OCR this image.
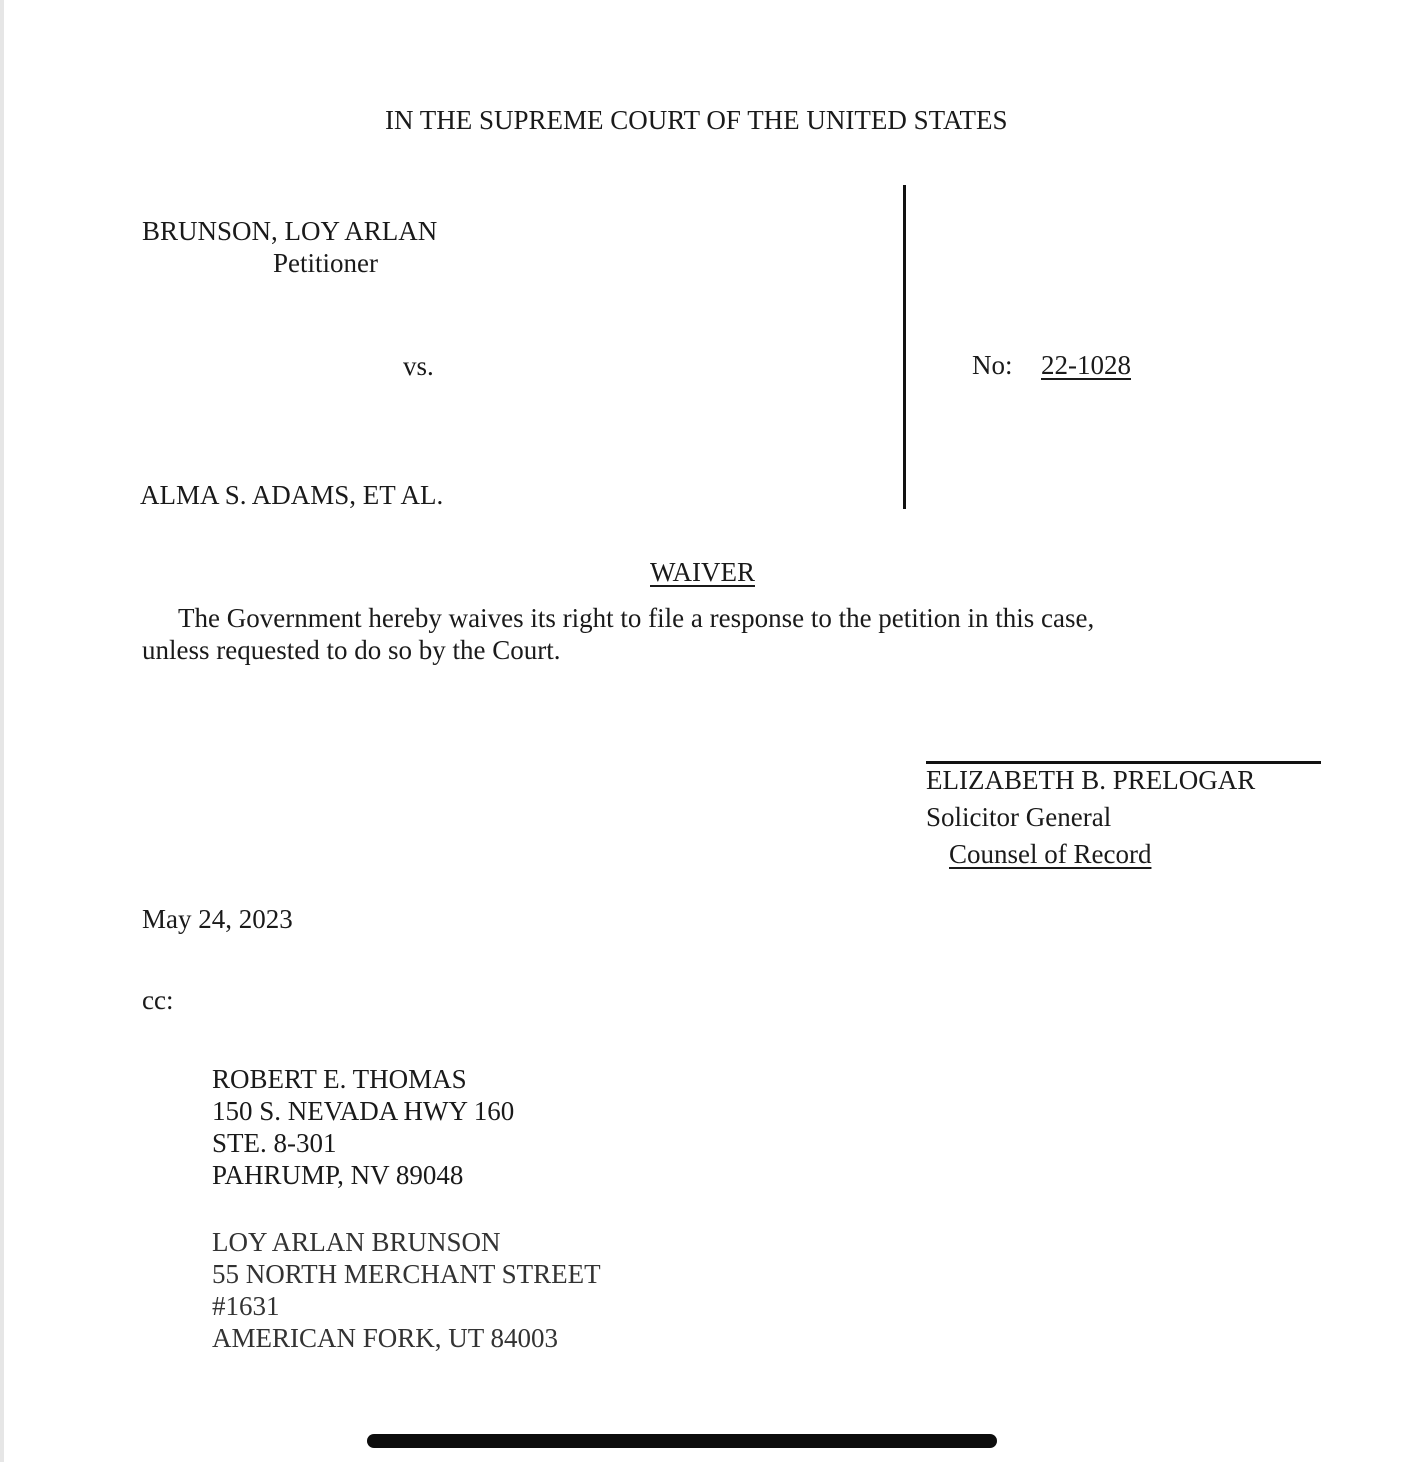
IN THE SUPREME COURT OF THE UNITED STATES
BRUNSON, LOY ARLAN
Petitioner
vs.
ALMA S. ADAMS, ET AL.
No: 22-1028
WAIVER
The Government hereby waives its right to file a response to the petition in this case,
unless requested to do so by the Court.
ELIZABETH B. PRELOGAR
Solicitor General
Counsel of Record
May 24, 2023
cc:
ROBERT E. THOMAS
150 S. NEVADA HWY 160
STE. 8-301
PAHRUMP, NV 89048
LOY ARLAN BRUNSON
55 NORTH MERCHANT STREET
#1631
AMERICAN FORK, UT 84003
